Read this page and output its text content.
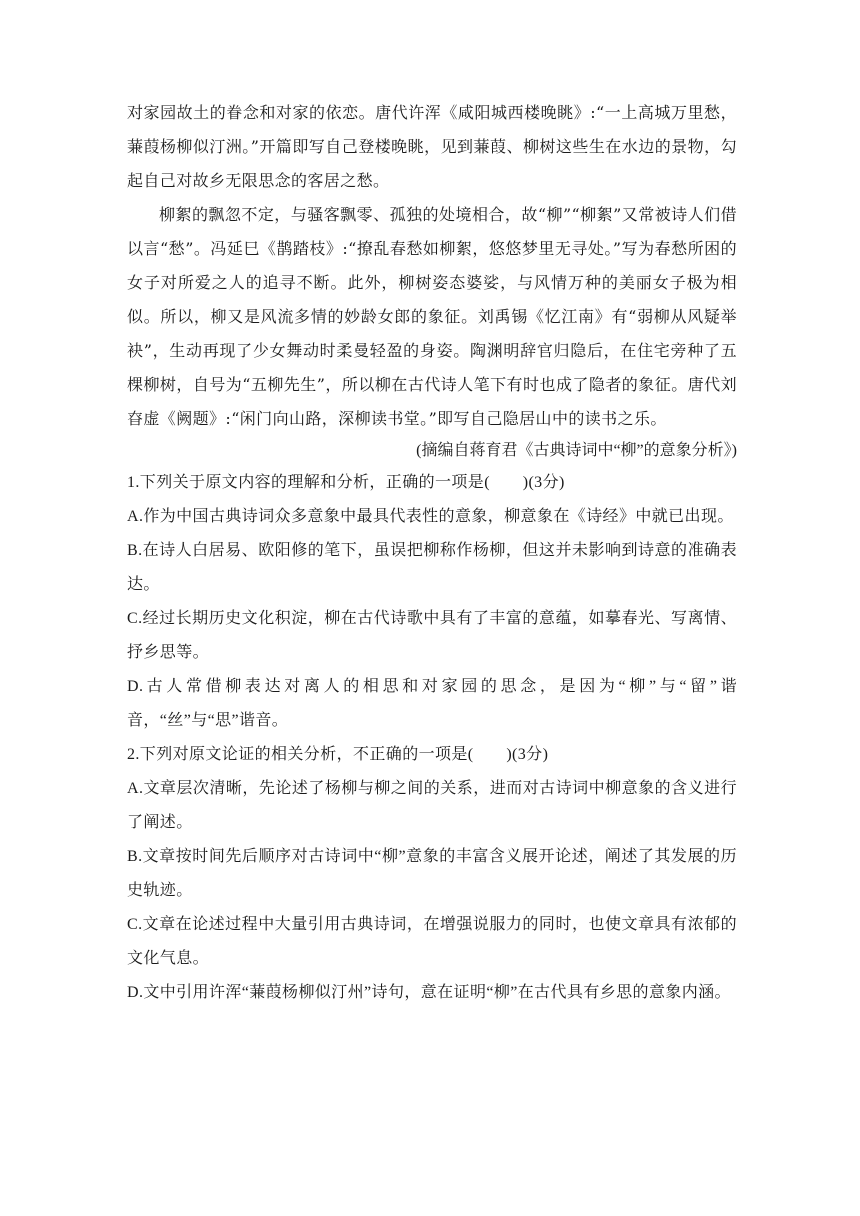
对家园故土的眷念和对家的依恋。唐代许浑《咸阳城西楼晚眺》:“一上高城万里愁，蒹葭杨柳似汀洲。”开篇即写自己登楼晚眺，见到蒹葭、柳树这些生在水边的景物，勾起自己对故乡无限思念的客居之愁。

柳絮的飘忽不定，与骚客飘零、孤独的处境相合，故“柳”“柳絮”又常被诗人们借以言“愁”。冯延巳《鹊踏枝》:“撩乱春愁如柳絮，悠悠梦里无寻处。”写为春愁所困的女子对所爱之人的追寻不断。此外，柳树姿态婆娑，与风情万种的美丽女子极为相似。所以，柳又是风流多情的妙龄女郎的象征。刘禹锡《忆江南》有“弱柳从风疑举袂”，生动再现了少女舞动时柔曼轻盈的身姿。陶渊明辞官归隐后，在住宅旁种了五棵柳树，自号为“五柳先生”，所以柳在古代诗人笔下有时也成了隐者的象征。唐代刘昚虚《阙题》:“闲门向山路，深柳读书堂。”即写自己隐居山中的读书之乐。

(摘编自蒋育君《古典诗词中“柳”的意象分析》)

1.下列关于原文内容的理解和分析，正确的一项是(　　)(3分)

A.作为中国古典诗词众多意象中最具代表性的意象，柳意象在《诗经》中就已出现。

B.在诗人白居易、欧阳修的笔下，虽误把柳称作杨柳，但这并未影响到诗意的准确表达。

C.经过长期历史文化积淀，柳在古代诗歌中具有了丰富的意蕴，如摹春光、写离情、抒乡思等。

D.古人常借柳表达对离人的相思和对家园的思念，是因为“柳”与“留”谐音，“丝”与“思”谐音。

2.下列对原文论证的相关分析，不正确的一项是(　　)(3分)

A.文章层次清晰，先论述了杨柳与柳之间的关系，进而对古诗词中柳意象的含义进行了阐述。

B.文章按时间先后顺序对古诗词中“柳”意象的丰富含义展开论述，阐述了其发展的历史轨迹。

C.文章在论述过程中大量引用古典诗词，在增强说服力的同时，也使文章具有浓郁的文化气息。

D.文中引用许浑“蒹葭杨柳似汀州”诗句，意在证明“柳”在古代具有乡思的意象内涵。
